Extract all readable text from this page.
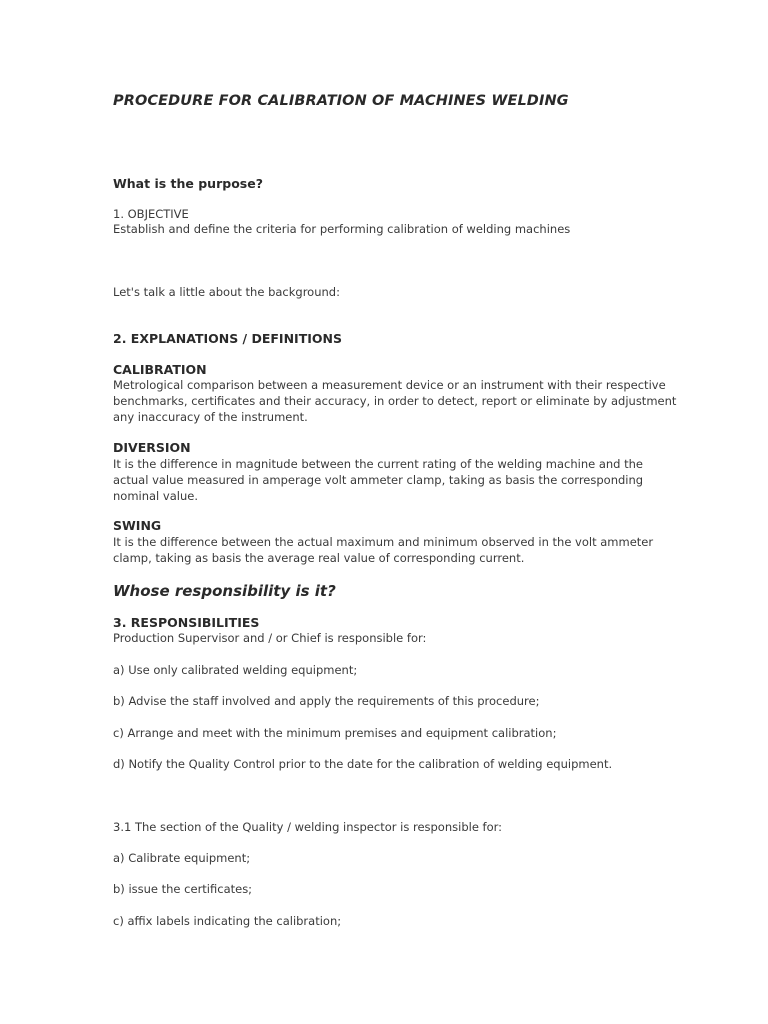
PROCEDURE FOR CALIBRATION OF MACHINES WELDING
What is the purpose?
1. OBJECTIVE
Establish and define the criteria for performing calibration of welding machines
Let's talk a little about the background:
2. EXPLANATIONS / DEFINITIONS
CALIBRATION
Metrological comparison between a measurement device or an instrument with their respective
benchmarks, certificates and their accuracy, in order to detect, report or eliminate by adjustment
any inaccuracy of the instrument.
DIVERSION
It is the difference in magnitude between the current rating of the welding machine and the
actual value measured in amperage volt ammeter clamp, taking as basis the corresponding
nominal value.
SWING
It is the difference between the actual maximum and minimum observed in the volt ammeter
clamp, taking as basis the average real value of corresponding current.
Whose responsibility is it?
3. RESPONSIBILITIES
Production Supervisor and / or Chief is responsible for:
a) Use only calibrated welding equipment;
b) Advise the staff involved and apply the requirements of this procedure;
c) Arrange and meet with the minimum premises and equipment calibration;
d) Notify the Quality Control prior to the date for the calibration of welding equipment.
3.1 The section of the Quality / welding inspector is responsible for:
a) Calibrate equipment;
b) issue the certificates;
c) affix labels indicating the calibration;
